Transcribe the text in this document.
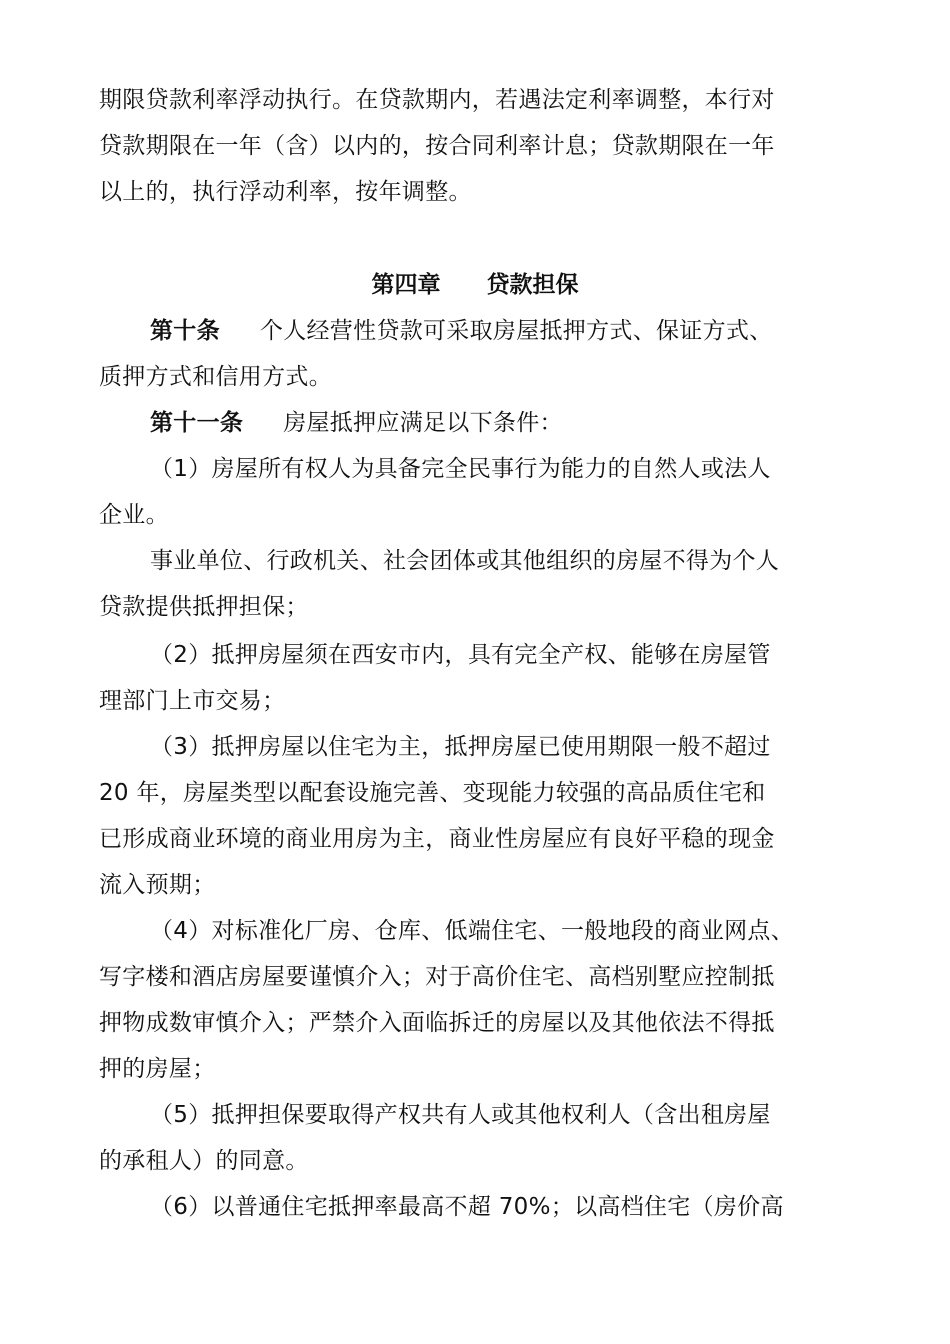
期限贷款利率浮动执行。在贷款期内，若遇法定利率调整，本行对
贷款期限在一年（含）以内的，按合同利率计息；贷款期限在一年
以上的，执行浮动利率，按年调整。
第四章　　贷款担保
第十条 个人经营性贷款可采取房屋抵押方式、保证方式、
质押方式和信用方式。
第十一条 房屋抵押应满足以下条件：
（1）房屋所有权人为具备完全民事行为能力的自然人或法人
企业。
事业单位、行政机关、社会团体或其他组织的房屋不得为个人
贷款提供抵押担保；
（2）抵押房屋须在西安市内，具有完全产权、能够在房屋管
理部门上市交易；
（3）抵押房屋以住宅为主，抵押房屋已使用期限一般不超过
20 年，房屋类型以配套设施完善、变现能力较强的高品质住宅和
已形成商业环境的商业用房为主，商业性房屋应有良好平稳的现金
流入预期；
（4）对标准化厂房、仓库、低端住宅、一般地段的商业网点、
写字楼和酒店房屋要谨慎介入；对于高价住宅、高档别墅应控制抵
押物成数审慎介入；严禁介入面临拆迁的房屋以及其他依法不得抵
押的房屋；
（5）抵押担保要取得产权共有人或其他权利人（含出租房屋
的承租人）的同意。
（6）以普通住宅抵押率最高不超 70%；以高档住宅（房价高
